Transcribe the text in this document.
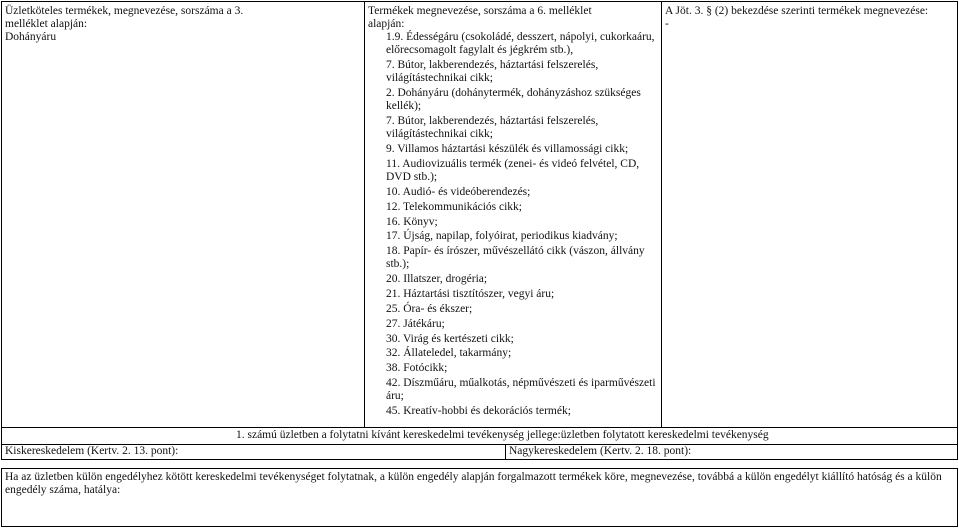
Üzletköteles termékek, megnevezése, sorszáma a 3.
melléklet alapján:
Dohányáru
Termékek megnevezése, sorszáma a 6. melléklet
alapján:
1.9. Édességáru (csokoládé, desszert, nápolyi, cukorkaáru, előrecsomagolt fagylalt és jégkrém stb.),
7. Bútor, lakberendezés, háztartási felszerelés, világítástechnikai cikk;
2. Dohányáru (dohánytermék, dohányzáshoz szükséges kellék);
7. Bútor, lakberendezés, háztartási felszerelés, világítástechnikai cikk;
9. Villamos háztartási készülék és villamossági cikk;
11. Audiovizuális termék (zenei- és videó felvétel, CD, DVD stb.);
10. Audió- és videóberendezés;
12. Telekommunikációs cikk;
16. Könyv;
17. Újság, napilap, folyóirat, periodikus kiadvány;
18. Papír- és írószer, művészellátó cikk (vászon, állvány stb.);
20. Illatszer, drogéria;
21. Háztartási tisztítószer, vegyi áru;
25. Óra- és ékszer;
27. Játékáru;
30. Virág és kertészeti cikk;
32. Állateledel, takarmány;
38. Fotócikk;
42. Díszműáru, műalkotás, népművészeti és iparművészeti áru;
45. Kreatív-hobbi és dekorációs termék;
A Jöt. 3. § (2) bekezdése szerinti termékek megnevezése:
-
1. számú üzletben a folytatni kívánt kereskedelmi tevékenység jellege:üzletben folytatott kereskedelmi tevékenység
Kiskereskedelem (Kertv. 2. 13. pont):	Nagykereskedelem (Kertv. 2. 18. pont):
Ha az üzletben külön engedélyhez kötött kereskedelmi tevékenységet folytatnak, a külön engedély alapján forgalmazott termékek köre, megnevezése, továbbá a külön engedélyt kiállító hatóság és a külön engedély száma, hatálya:
